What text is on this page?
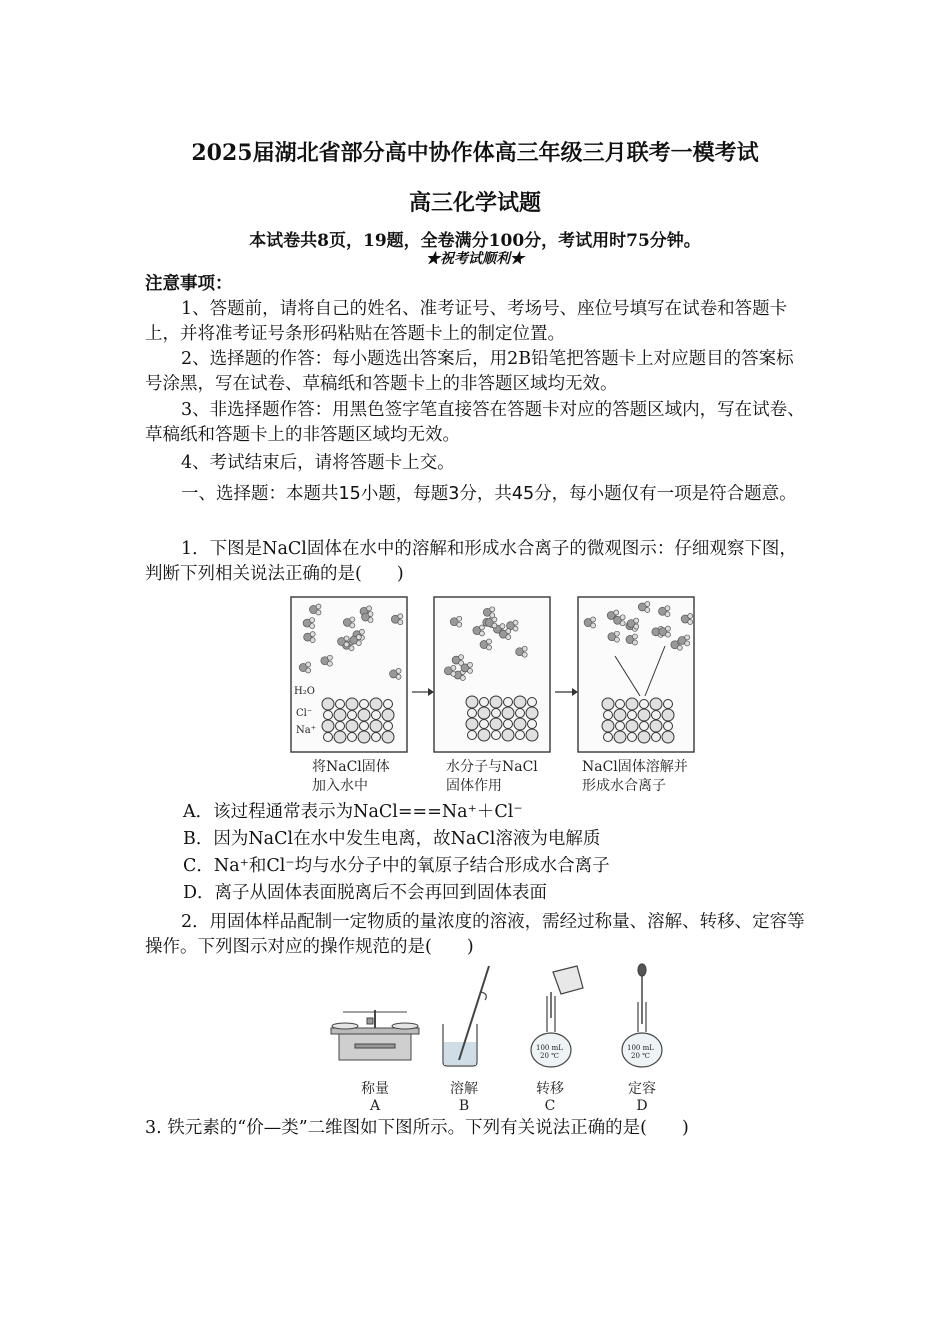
2025届湖北省部分高中协作体高三年级三月联考一模考试
高三化学试题
本试卷共8页，19题，全卷满分100分，考试用时75分钟。
★祝考试顺利★
注意事项：
1、答题前，请将自己的姓名、准考证号、考场号、座位号填写在试卷和答题卡上，并将准考证号条形码粘贴在答题卡上的制定位置。
2、选择题的作答：每小题选出答案后，用2B铅笔把答题卡上对应题目的答案标号涂黑，写在试卷、草稿纸和答题卡上的非答题区域均无效。
3、非选择题作答：用黑色签字笔直接答在答题卡对应的答题区域内，写在试卷、草稿纸和答题卡上的非答题区域均无效。
4、考试结束后，请将答题卡上交。
一、选择题：本题共15小题，每题3分，共45分，每小题仅有一项是符合题意。
1．下图是NaCl固体在水中的溶解和形成水合离子的微观图示：仔细观察下图，判断下列相关说法正确的是(　　)
H₂O
Cl⁻
Na⁺
将NaCl固体
加入水中
水分子与NaCl
固体作用
NaCl固体溶解并
形成水合离子
A．该过程通常表示为NaCl===Na⁺＋Cl⁻
B．因为NaCl在水中发生电离，故NaCl溶液为电解质
C．Na⁺和Cl⁻均与水分子中的氧原子结合形成水合离子
D．离子从固体表面脱离后不会再回到固体表面
2．用固体样品配制一定物质的量浓度的溶液，需经过称量、溶解、转移、定容等操作。下列图示对应的操作规范的是(　　)
100 mL
20 ℃
100 mL
20 ℃
称量
A
溶解
B
转移
C
定容
D
3. 铁元素的“价—类”二维图如下图所示。下列有关说法正确的是(　　)
